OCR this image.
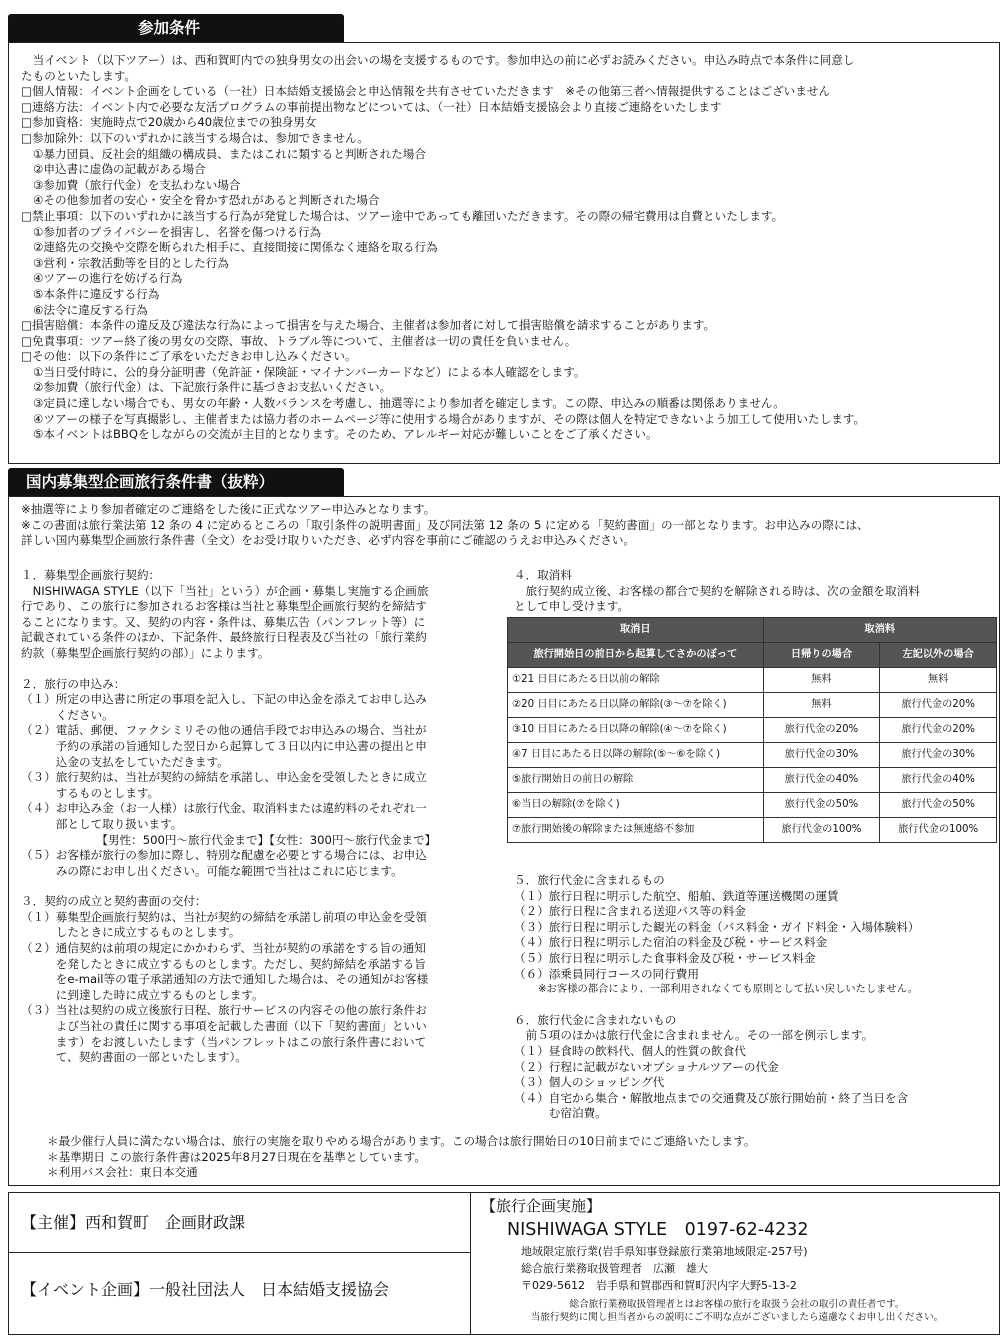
参加条件
　当イベント（以下ツアー）は、西和賀町内での独身男女の出会いの場を支援するものです。参加申込の前に必ずお読みください。申込み時点で本条件に同意し
たものといたします。
□個人情報：イベント企画をしている（一社）日本結婚支援協会と申込情報を共有させていただきます　※その他第三者へ情報提供することはございません
□連絡方法：イベント内で必要な友活プログラムの事前提出物などについては、（一社）日本結婚支援協会より直接ご連絡をいたします
□参加資格：実施時点で20歳から40歳位までの独身男女
□参加除外：以下のいずれかに該当する場合は、参加できません。
①暴力団員、反社会的組織の構成員、またはこれに類すると判断された場合
②申込書に虚偽の記載がある場合
③参加費（旅行代金）を支払わない場合
④その他参加者の安心・安全を脅かす恐れがあると判断された場合
□禁止事項：以下のいずれかに該当する行為が発覚した場合は、ツアー途中であっても離団いただきます。その際の帰宅費用は自費といたします。
①参加者のプライバシーを損害し、名誉を傷つける行為
②連絡先の交換や交際を断られた相手に、直接間接に関係なく連絡を取る行為
③営利・宗教活動等を目的とした行為
④ツアーの進行を妨げる行為
⑤本条件に違反する行為
⑥法令に違反する行為
□損害賠償：本条件の違反及び違法な行為によって損害を与えた場合、主催者は参加者に対して損害賠償を請求することがあります。
□免責事項：ツアー終了後の男女の交際、事故、トラブル等について、主催者は一切の責任を負いません。
□その他：以下の条件にご了承をいただきお申し込みください。
①当日受付時に、公的身分証明書（免許証・保険証・マイナンバーカードなど）による本人確認をします。
②参加費（旅行代金）は、下記旅行条件に基づきお支払いください。
③定員に達しない場合でも、男女の年齢・人数バランスを考慮し、抽選等により参加者を確定します。この際、申込みの順番は関係ありません。
④ツアーの様子を写真撮影し、主催者または協力者のホームページ等に使用する場合がありますが、その際は個人を特定できないよう加工して使用いたします。
⑤本イベントはBBQをしながらの交流が主目的となります。そのため、アレルギー対応が難しいことをご了承ください。
国内募集型企画旅行条件書（抜粋）
※抽選等により参加者確定のご連絡をした後に正式なツアー申込みとなります。
※この書面は旅行業法第 12 条の 4 に定めるところの「取引条件の説明書面」及び同法第 12 条の 5 に定める「契約書面」の一部となります。お申込みの際には、
詳しい国内募集型企画旅行条件書（全文）をお受け取りいただき、必ず内容を事前にご確認のうえお申込みください。
１．募集型企画旅行契約：
　NISHIWAGA STYLE（以下「当社」という）が企画・募集し実施する企画旅
行であり、この旅行に参加されるお客様は当社と募集型企画旅行契約を締結す
ることになります。又、契約の内容・条件は、募集広告（パンフレット等）に
記載されている条件のほか、下記条件、最終旅行日程表及び当社の「旅行業約
約款（募集型企画旅行契約の部）」によります。
２．旅行の申込み：
（１）所定の申込書に所定の事項を記入し、下記の申込金を添えてお申し込み
　　　ください。
（２）電話、郵便、ファクシミリその他の通信手段でお申込みの場合、当社が
　　　予約の承諾の旨通知した翌日から起算して３日以内に申込書の提出と申
　　　込金の支払をしていただきます。
（３）旅行契約は、当社が契約の締結を承諾し、申込金を受領したときに成立
　　　するものとします。
（４）お申込み金（お一人様）は旅行代金、取消料または違約料のそれぞれ一
　　　部として取り扱います。
　　　　　　　【男性：500円～旅行代金まで】【女性：300円～旅行代金まで】
（５）お客様が旅行の参加に際し、特別な配慮を必要とする場合には、お申込
　　　みの際にお申し出ください。可能な範囲で当社はこれに応じます。
３．契約の成立と契約書面の交付：
（１）募集型企画旅行契約は、当社が契約の締結を承諾し前項の申込金を受領
　　　したときに成立するものとします。
（２）通信契約は前項の規定にかかわらず、当社が契約の承諾をする旨の通知
　　　を発したときに成立するものとします。ただし、契約締結を承諾する旨
　　　をe-mail等の電子承諾通知の方法で通知した場合は、その通知がお客様
　　　に到達した時に成立するものとします。
（３）当社は契約の成立後旅行日程、旅行サービスの内容その他の旅行条件お
　　　よび当社の責任に関する事項を記載した書面（以下「契約書面」といい
　　　ます）をお渡しいたします（当パンフレットはこの旅行条件書において
　　　て、契約書面の一部といたします）。
４．取消料
　旅行契約成立後、お客様の都合で契約を解除される時は、次の金額を取消料
として申し受けます。
取消日	取消料	
旅行開始日の前日から起算してさかのぼって	日帰りの場合	左記以外の場合
①21 日目にあたる日以前の解除	無料	無料
②20 日目にあたる日以降の解除(③～⑦を除く)	無料	旅行代金の20%
③10 日目にあたる日以降の解除(④～⑦を除く)	旅行代金の20%	旅行代金の20%
④7 日目にあたる日以降の解除(⑤～⑥を除く)	旅行代金の30%	旅行代金の30%
⑤旅行開始日の前日の解除	旅行代金の40%	旅行代金の40%
⑥当日の解除(⑦を除く)	旅行代金の50%	旅行代金の50%
⑦旅行開始後の解除または無連絡不参加	旅行代金の100%	旅行代金の100%
５．旅行代金に含まれるもの
（１）旅行日程に明示した航空、船舶、鉄道等運送機関の運賃
（２）旅行日程に含まれる送迎バス等の料金
（３）旅行日程に明示した観光の料金（バス料金・ガイド料金・入場体験料）
（４）旅行日程に明示した宿泊の料金及び税・サービス料金
（５）旅行日程に明示した食事料金及び税・サービス料金
（６）添乗員同行コースの同行費用
※お客様の都合により、一部利用されなくても原則として払い戻しいたしません。
６．旅行代金に含まれないもの
　前５項のほかは旅行代金に含まれません。その一部を例示します。
（１）昼食時の飲料代、個人的性質の飲食代
（２）行程に記載がないオプショナルツアーの代金
（３）個人のショッピング代
（４）自宅から集合・解散地点までの交通費及び旅行開始前・終了当日を含
　　　む宿泊費。
＊最少催行人員に満たない場合は、旅行の実施を取りやめる場合があります。この場合は旅行開始日の10日前までにご連絡いたします。
＊基準期日 この旅行条件書は2025年8月27日現在を基準としています。
＊利用バス会社：東日本交通
【主催】西和賀町　企画財政課
【イベント企画】一般社団法人　日本結婚支援協会
【旅行企画実施】
NISHIWAGA STYLE　0197-62-4232
地域限定旅行業(岩手県知事登録旅行業第地域限定-257号)
総合旅行業務取扱管理者　広瀬　雄大
〒029-5612　岩手県和賀郡西和賀町沢内字大野5-13-2
総合旅行業務取扱管理者とはお客様の旅行を取扱う会社の取引の責任者です。
当旅行契約に関し担当者からの説明にご不明な点がございましたら遠慮なくお申し出ください。
